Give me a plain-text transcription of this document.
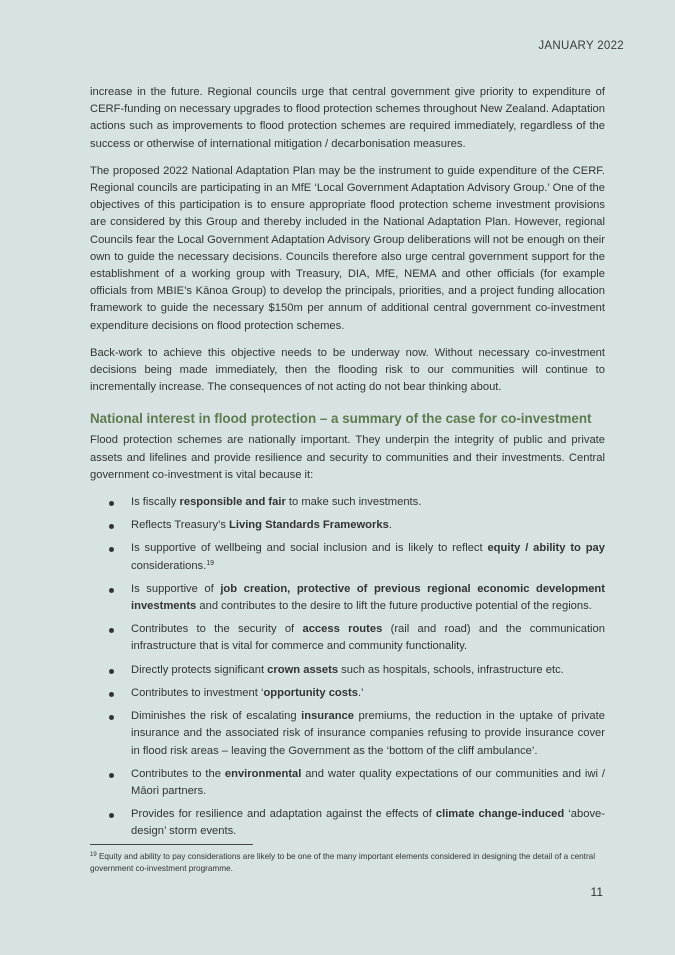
JANUARY 2022

increase in the future. Regional councils urge that central government give priority to expenditure of CERF-funding on necessary upgrades to flood protection schemes throughout New Zealand. Adaptation actions such as improvements to flood protection schemes are required immediately, regardless of the success or otherwise of international mitigation / decarbonisation measures.

The proposed 2022 National Adaptation Plan may be the instrument to guide expenditure of the CERF. Regional councils are participating in an MfE ‘Local Government Adaptation Advisory Group.’ One of the objectives of this participation is to ensure appropriate flood protection scheme investment provisions are considered by this Group and thereby included in the National Adaptation Plan. However, regional Councils fear the Local Government Adaptation Advisory Group deliberations will not be enough on their own to guide the necessary decisions. Councils therefore also urge central government support for the establishment of a working group with Treasury, DIA, MfE, NEMA and other officials (for example officials from MBIE’s Kānoa Group) to develop the principals, priorities, and a project funding allocation framework to guide the necessary $150m per annum of additional central government co-investment expenditure decisions on flood protection schemes.

Back-work to achieve this objective needs to be underway now. Without necessary co-investment decisions being made immediately, then the flooding risk to our communities will continue to incrementally increase. The consequences of not acting do not bear thinking about.

National interest in flood protection – a summary of the case for co-investment

Flood protection schemes are nationally important. They underpin the integrity of public and private assets and lifelines and provide resilience and security to communities and their investments. Central government co-investment is vital because it:

Is fiscally responsible and fair to make such investments.
Reflects Treasury’s Living Standards Frameworks.
Is supportive of wellbeing and social inclusion and is likely to reflect equity / ability to pay considerations.$^{19}$
Is supportive of job creation, protective of previous regional economic development investments and contributes to the desire to lift the future productive potential of the regions.
Contributes to the security of access routes (rail and road) and the communication infrastructure that is vital for commerce and community functionality.
Directly protects significant crown assets such as hospitals, schools, infrastructure etc.
Contributes to investment ‘opportunity costs.’
Diminishes the risk of escalating insurance premiums, the reduction in the uptake of private insurance and the associated risk of insurance companies refusing to provide insurance cover in flood risk areas – leaving the Government as the ‘bottom of the cliff ambulance’.
Contributes to the environmental and water quality expectations of our communities and iwi / Māori partners.
Provides for resilience and adaptation against the effects of climate change-induced ‘above-design’ storm events.
$^{19}$ Equity and ability to pay considerations are likely to be one of the many important elements considered in designing the detail of a central government co-investment programme.
11
